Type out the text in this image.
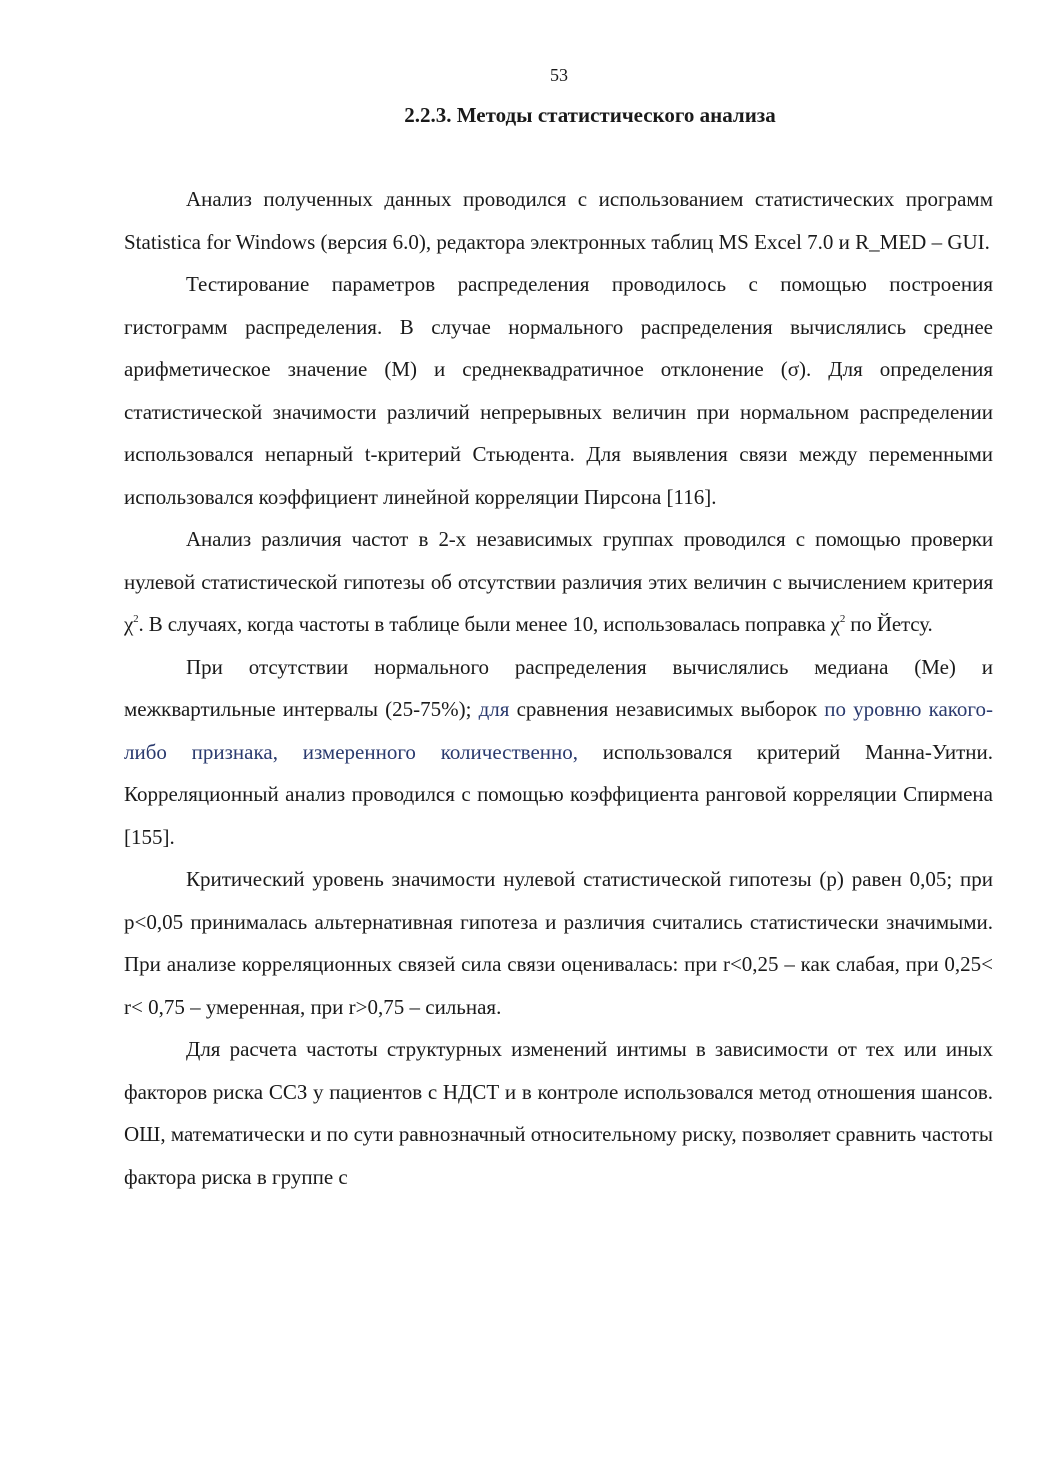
53
2.2.3. Методы статистического анализа

Анализ полученных данных проводился с использованием статистических программ Statistica for Windows (версия 6.0), редактора электронных таблиц MS Excel 7.0 и R_MED – GUI.

Тестирование параметров распределения проводилось с помощью построения гистограмм распределения. В случае нормального распределения вычислялись среднее арифметическое значение (М) и среднеквадратичное отклонение (σ). Для определения статистической значимости различий непрерывных величин при нормальном распределении использовался непарный t-критерий Стьюдента. Для выявления связи между переменными использовался коэффициент линейной корреляции Пирсона [116].

Анализ различия частот в 2-х независимых группах проводился с помощью проверки нулевой статистической гипотезы об отсутствии различия этих величин с вычислением критерия $\chi^2$. В случаях, когда частоты в таблице были менее 10, использовалась поправка $\chi^2$ по Йетсу.

При отсутствии нормального распределения вычислялись медиана (Ме) и межквартильные интервалы (25-75%); для сравнения независимых выборок по уровню какого-либо признака, измеренного количественно, использовался критерий Манна-Уитни. Корреляционный анализ проводился с помощью коэффициента ранговой корреляции Спирмена [155].

Критический уровень значимости нулевой статистической гипотезы (р) равен 0,05; при р<0,05 принималась альтернативная гипотеза и различия считались статистически значимыми. При анализе корреляционных связей сила связи оценивалась: при r<0,25 – как слабая, при 0,25< r< 0,75 – умеренная, при r>0,75 – сильная.

Для расчета частоты структурных изменений интимы в зависимости от тех или иных факторов риска ССЗ у пациентов с НДСТ и в контроле использовался метод отношения шансов. ОШ, математически и по сути равнозначный относительному риску, позволяет сравнить частоты фактора риска в группе с
